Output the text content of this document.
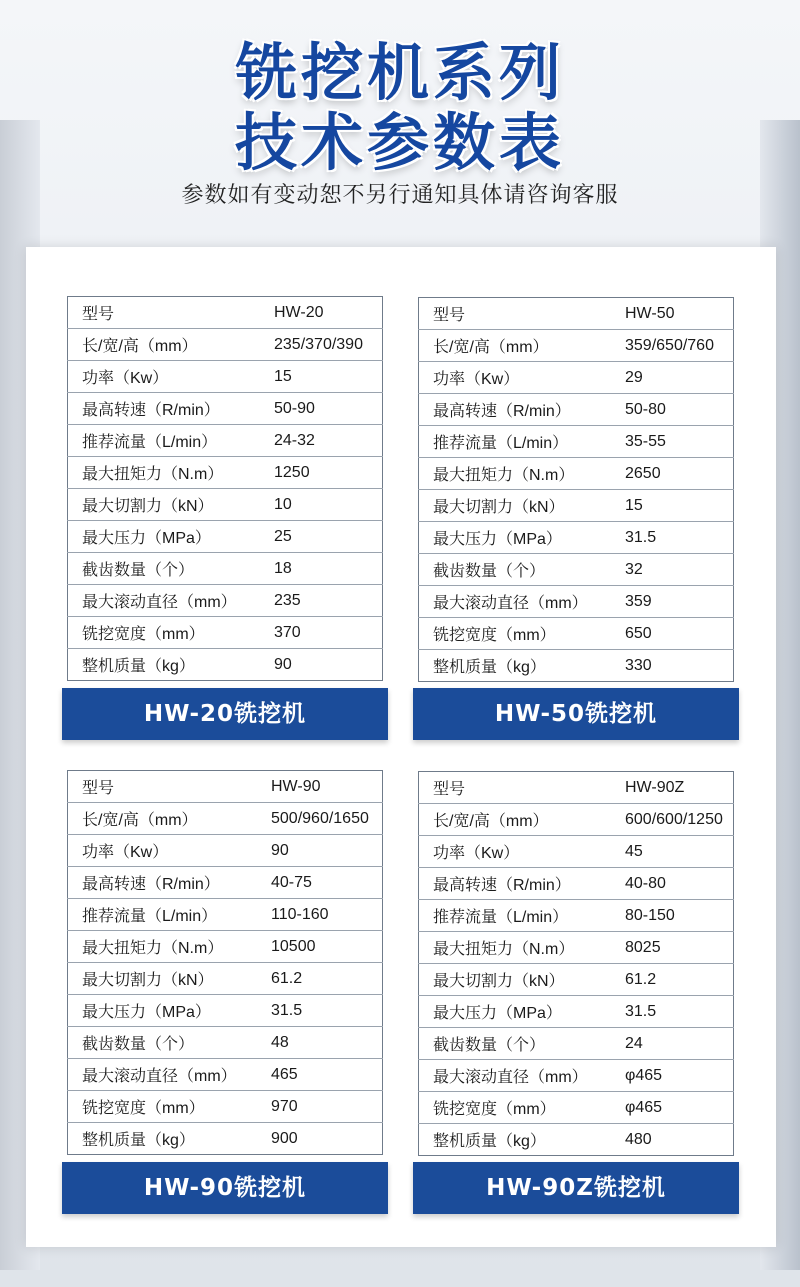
铣挖机系列
技术参数表
参数如有变动恕不另行通知具体请咨询客服
型号	HW-20
长/宽/高（mm）	235/370/390
功率（Kw）	15
最高转速（R/min）	50-90
推荐流量（L/min）	24-32
最大扭矩力（N.m）	1250
最大切割力（kN）	10
最大压力（MPa）	25
截齿数量（个）	18
最大滚动直径（mm）	235
铣挖宽度（mm）	370
整机质量（kg）	90
HW-20铣挖机
型号	HW-50
长/宽/高（mm）	359/650/760
功率（Kw）	29
最高转速（R/min）	50-80
推荐流量（L/min）	35-55
最大扭矩力（N.m）	2650
最大切割力（kN）	15
最大压力（MPa）	31.5
截齿数量（个）	32
最大滚动直径（mm）	359
铣挖宽度（mm）	650
整机质量（kg）	330
HW-50铣挖机
型号	HW-90
长/宽/高（mm）	500/960/1650
功率（Kw）	90
最高转速（R/min）	40-75
推荐流量（L/min）	110-160
最大扭矩力（N.m）	10500
最大切割力（kN）	61.2
最大压力（MPa）	31.5
截齿数量（个）	48
最大滚动直径（mm）	465
铣挖宽度（mm）	970
整机质量（kg）	900
HW-90铣挖机
型号	HW-90Z
长/宽/高（mm）	600/600/1250
功率（Kw）	45
最高转速（R/min）	40-80
推荐流量（L/min）	80-150
最大扭矩力（N.m）	8025
最大切割力（kN）	61.2
最大压力（MPa）	31.5
截齿数量（个）	24
最大滚动直径（mm）	φ465
铣挖宽度（mm）	φ465
整机质量（kg）	480
HW-90Z铣挖机
